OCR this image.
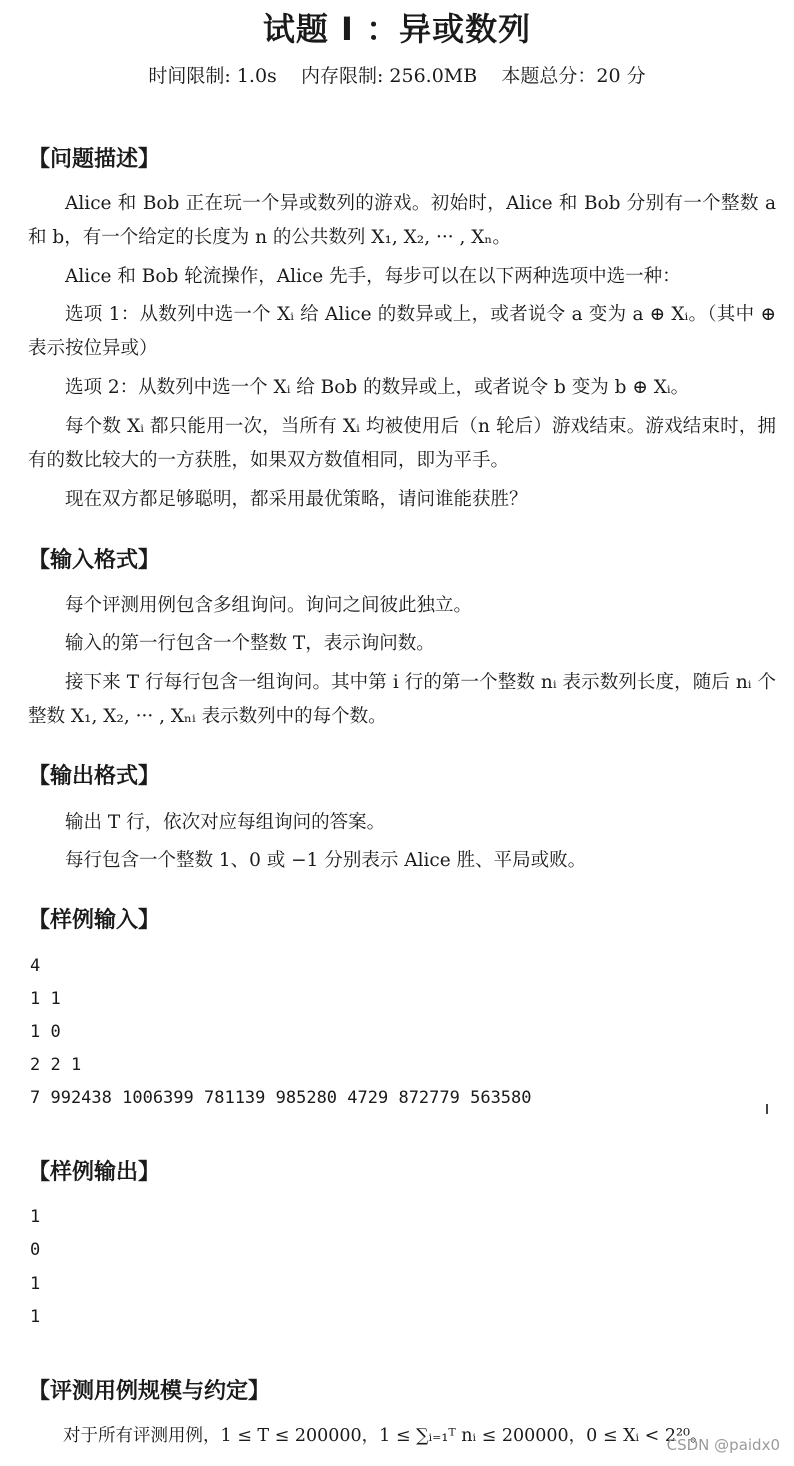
试题 I ：异或数列
时间限制: 1.0s    内存限制: 256.0MB    本题总分：20 分
【问题描述】
Alice 和 Bob 正在玩一个异或数列的游戏。初始时，Alice 和 Bob 分别有一个整数 a 和 b，有一个给定的长度为 n 的公共数列 X₁, X₂, ··· , Xₙ。
Alice 和 Bob 轮流操作，Alice 先手，每步可以在以下两种选项中选一种：
选项 1：从数列中选一个 Xᵢ 给 Alice 的数异或上，或者说令 a 变为 a ⊕ Xᵢ。（其中 ⊕ 表示按位异或）
选项 2：从数列中选一个 Xᵢ 给 Bob 的数异或上，或者说令 b 变为 b ⊕ Xᵢ。
每个数 Xᵢ 都只能用一次，当所有 Xᵢ 均被使用后（n 轮后）游戏结束。游戏结束时，拥有的数比较大的一方获胜，如果双方数值相同，即为平手。
现在双方都足够聪明，都采用最优策略，请问谁能获胜？
【输入格式】
每个评测用例包含多组询问。询问之间彼此独立。
输入的第一行包含一个整数 T，表示询问数。
接下来 T 行每行包含一组询问。其中第 i 行的第一个整数 nᵢ 表示数列长度，随后 nᵢ 个整数 X₁, X₂, ··· , Xₙᵢ 表示数列中的每个数。
【输出格式】
输出 T 行，依次对应每组询问的答案。
每行包含一个整数 1、0 或 −1 分别表示 Alice 胜、平局或败。
【样例输入】
4
1 1
1 0
2 2 1
7 992438 1006399 781139 985280 4729 872779 563580
【样例输出】
1
0
1
1
【评测用例规模与约定】
对于所有评测用例，1 ≤ T ≤ 200000，1 ≤ ∑ᵢ₌₁ᵀ nᵢ ≤ 200000，0 ≤ Xᵢ < 2²⁰。
CSDN @paidx0
